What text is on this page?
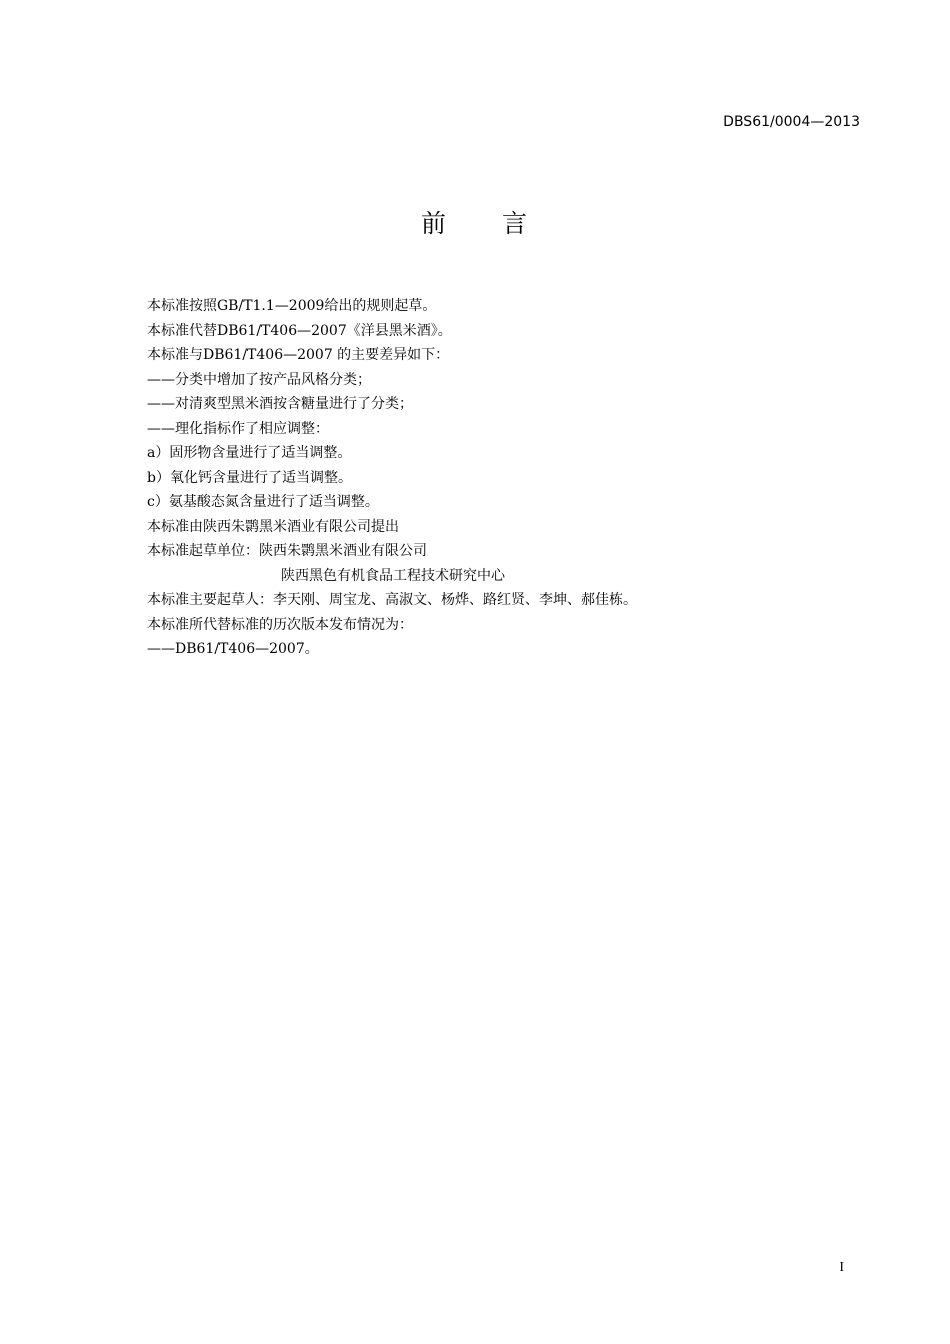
DBS61/0004—2013
前　　言
本标准按照GB/T1.1—2009给出的规则起草。
本标准代替DB61/T406—2007《洋县黑米酒》。
本标准与DB61/T406—2007 的主要差异如下：
——分类中增加了按产品风格分类；
——对清爽型黑米酒按含糖量进行了分类；
——理化指标作了相应调整：
a）固形物含量进行了适当调整。
b）氧化钙含量进行了适当调整。
c）氨基酸态氮含量进行了适当调整。
本标准由陕西朱鹮黑米酒业有限公司提出
本标准起草单位：陕西朱鹮黑米酒业有限公司
陕西黑色有机食品工程技术研究中心
本标准主要起草人：李天刚、周宝龙、高淑文、杨烨、路红贤、李坤、郝佳栋。
本标准所代替标准的历次版本发布情况为：
——DB61/T406—2007。
I
